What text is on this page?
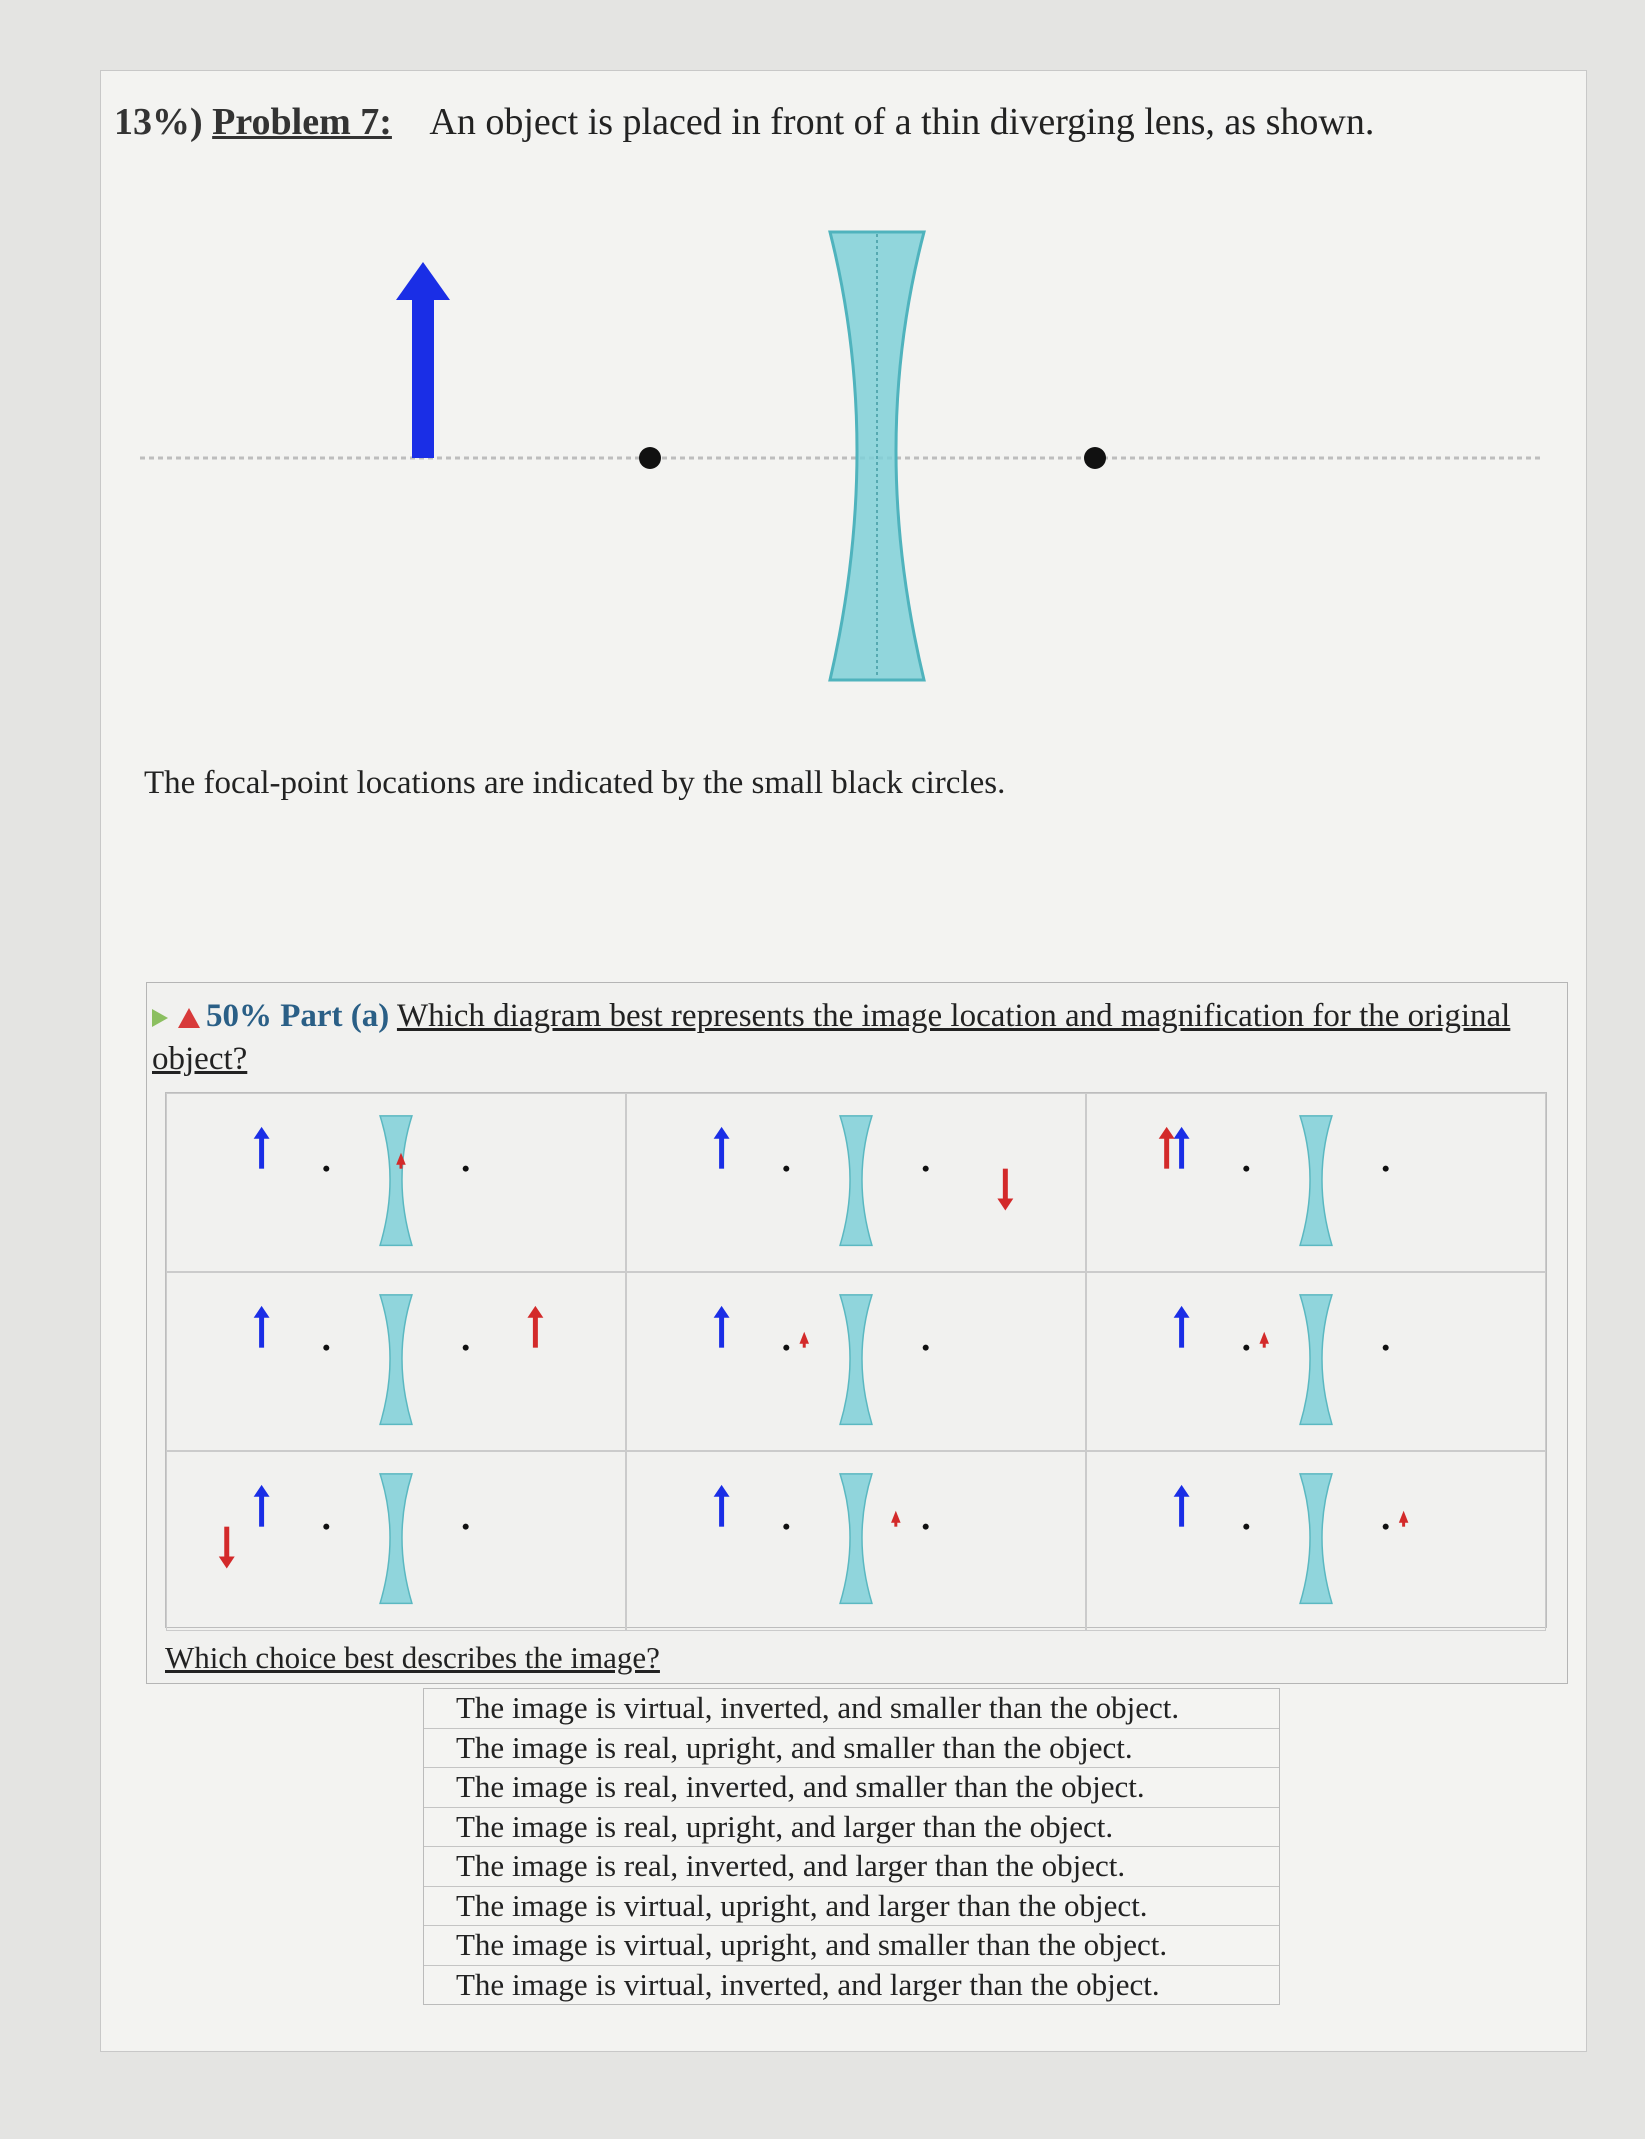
13%) Problem 7: An object is placed in front of a thin diverging lens, as shown.
The focal-point locations are indicated by the small black circles.
50% Part (a) Which diagram best represents the image location and magnification for the original object?
Which choice best describes the image?
The image is virtual, inverted, and smaller than the object.
The image is real, upright, and smaller than the object.
The image is real, inverted, and smaller than the object.
The image is real, upright, and larger than the object.
The image is real, inverted, and larger than the object.
The image is virtual, upright, and larger than the object.
The image is virtual, upright, and smaller than the object.
The image is virtual, inverted, and larger than the object.
